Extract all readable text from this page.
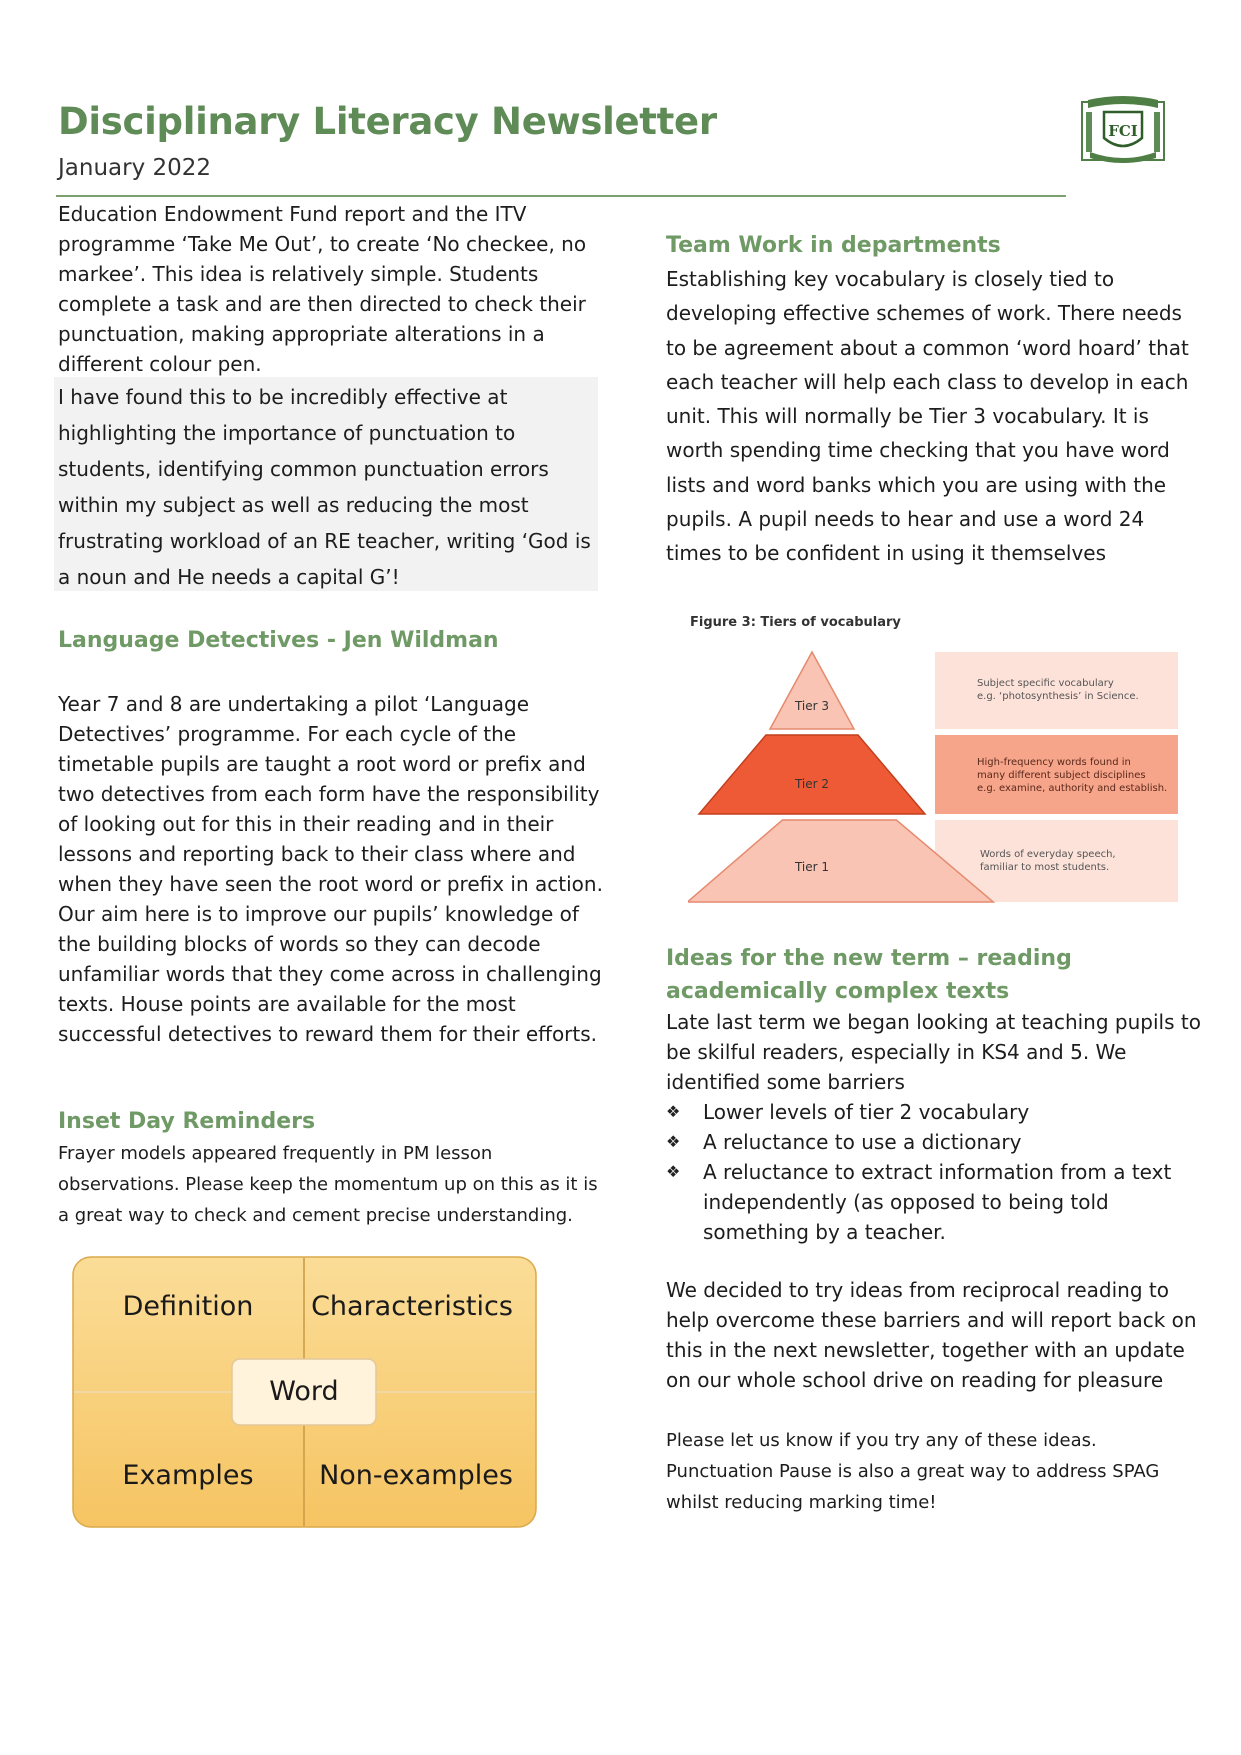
Disciplinary Literacy Newsletter
January 2022
FCI
Education Endowment Fund report and the ITV programme ‘Take Me Out’, to create ‘No checkee, no markee’. This idea is relatively simple. Students complete a task and are then directed to check their punctuation, making appropriate alterations in a different colour pen.
I have found this to be incredibly effective at highlighting the importance of punctuation to students, identifying common punctuation errors within my subject as well as reducing the most frustrating workload of an RE teacher, writing ‘God is a noun and He needs a capital G’!
Language Detectives - Jen Wildman
Year 7 and 8 are undertaking a pilot ‘Language Detectives’ programme. For each cycle of the timetable pupils are taught a root word or prefix and two detectives from each form have the responsibility of looking out for this in their reading and in their lessons and reporting back to their class where and when they have seen the root word or prefix in action. Our aim here is to improve our pupils’ knowledge of the building blocks of words so they can decode unfamiliar words that they come across in challenging texts. House points are available for the most successful detectives to reward them for their efforts.
Inset Day Reminders
Frayer models appeared frequently in PM lesson observations. Please keep the momentum up on this as it is a great way to check and cement precise understanding.
Definition Characteristics
Word
Examples Non-examples
Team Work in departments
Establishing key vocabulary is closely tied to developing effective schemes of work. There needs to be agreement about a common ‘word hoard’ that each teacher will help each class to develop in each unit. This will normally be Tier 3 vocabulary. It is worth spending time checking that you have word lists and word banks which you are using with the pupils. A pupil needs to hear and use a word 24 times to be confident in using it themselves
Figure 3: Tiers of vocabulary
Tier 3
Tier 2
Tier 1
Subject specific vocabulary
e.g. ‘photosynthesis’ in Science.
High-frequency words found in
many different subject disciplines
e.g. examine, authority and establish.
Words of everyday speech,
familiar to most students.
Ideas for the new term – reading academically complex texts
Late last term we began looking at teaching pupils to be skilful readers, especially in KS4 and 5. We identified some barriers
❖ Lower levels of tier 2 vocabulary
❖ A reluctance to use a dictionary
❖ A reluctance to extract information from a text independently (as opposed to being told something by a teacher.
We decided to try ideas from reciprocal reading to help overcome these barriers and will report back on this in the next newsletter, together with an update on our whole school drive on reading for pleasure
Please let us know if you try any of these ideas. Punctuation Pause is also a great way to address SPAG whilst reducing marking time!
